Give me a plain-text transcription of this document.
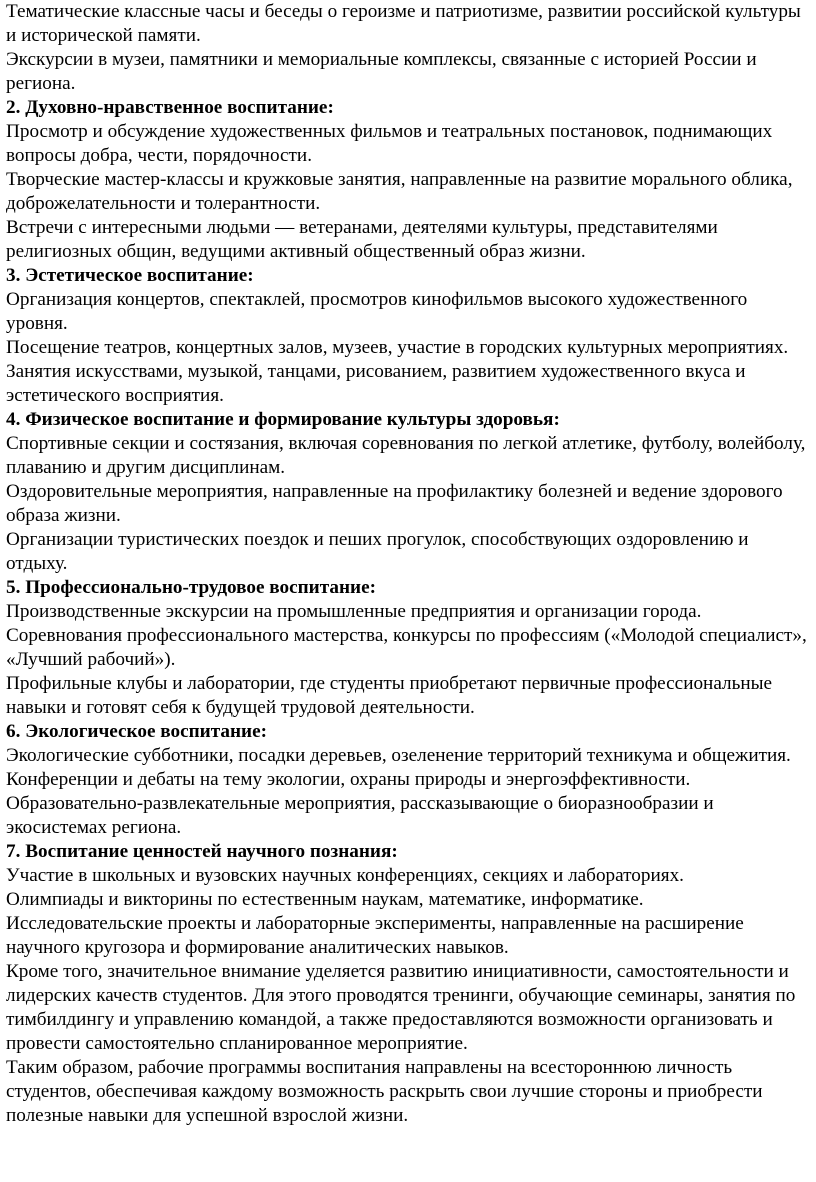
Тематические классные часы и беседы о героизме и патриотизме, развитии российской культуры и исторической памяти.

Экскурсии в музеи, памятники и мемориальные комплексы, связанные с историей России и региона.

2. Духовно-нравственное воспитание:

Просмотр и обсуждение художественных фильмов и театральных постановок, поднимающих вопросы добра, чести, порядочности.

Творческие мастер-классы и кружковые занятия, направленные на развитие морального облика, доброжелательности и толерантности.

Встречи с интересными людьми — ветеранами, деятелями культуры, представителями религиозных общин, ведущими активный общественный образ жизни.

3. Эстетическое воспитание:

Организация концертов, спектаклей, просмотров кинофильмов высокого художественного уровня.

Посещение театров, концертных залов, музеев, участие в городских культурных мероприятиях.

Занятия искусствами, музыкой, танцами, рисованием, развитием художественного вкуса и эстетического восприятия.

4. Физическое воспитание и формирование культуры здоровья:

Спортивные секции и состязания, включая соревнования по легкой атлетике, футболу, волейболу, плаванию и другим дисциплинам.

Оздоровительные мероприятия, направленные на профилактику болезней и ведение здорового образа жизни.

Организации туристических поездок и пеших прогулок, способствующих оздоровлению и отдыху.

5. Профессионально-трудовое воспитание:

Производственные экскурсии на промышленные предприятия и организации города.

Соревнования профессионального мастерства, конкурсы по профессиям («Молодой специалист», «Лучший рабочий»).

Профильные клубы и лаборатории, где студенты приобретают первичные профессиональные навыки и готовят себя к будущей трудовой деятельности.

6. Экологическое воспитание:

Экологические субботники, посадки деревьев, озеленение территорий техникума и общежития.

Конференции и дебаты на тему экологии, охраны природы и энергоэффективности.

Образовательно-развлекательные мероприятия, рассказывающие о биоразнообразии и экосистемах региона.

7. Воспитание ценностей научного познания:

Участие в школьных и вузовских научных конференциях, секциях и лабораториях.

Олимпиады и викторины по естественным наукам, математике, информатике.

Исследовательские проекты и лабораторные эксперименты, направленные на расширение научного кругозора и формирование аналитических навыков.

Кроме того, значительное внимание уделяется развитию инициативности, самостоятельности и лидерских качеств студентов. Для этого проводятся тренинги, обучающие семинары, занятия по тимбилдингу и управлению командой, а также предоставляются возможности организовать и провести самостоятельно спланированное мероприятие.

Таким образом, рабочие программы воспитания направлены на всестороннюю личность студентов, обеспечивая каждому возможность раскрыть свои лучшие стороны и приобрести полезные навыки для успешной взрослой жизни.
